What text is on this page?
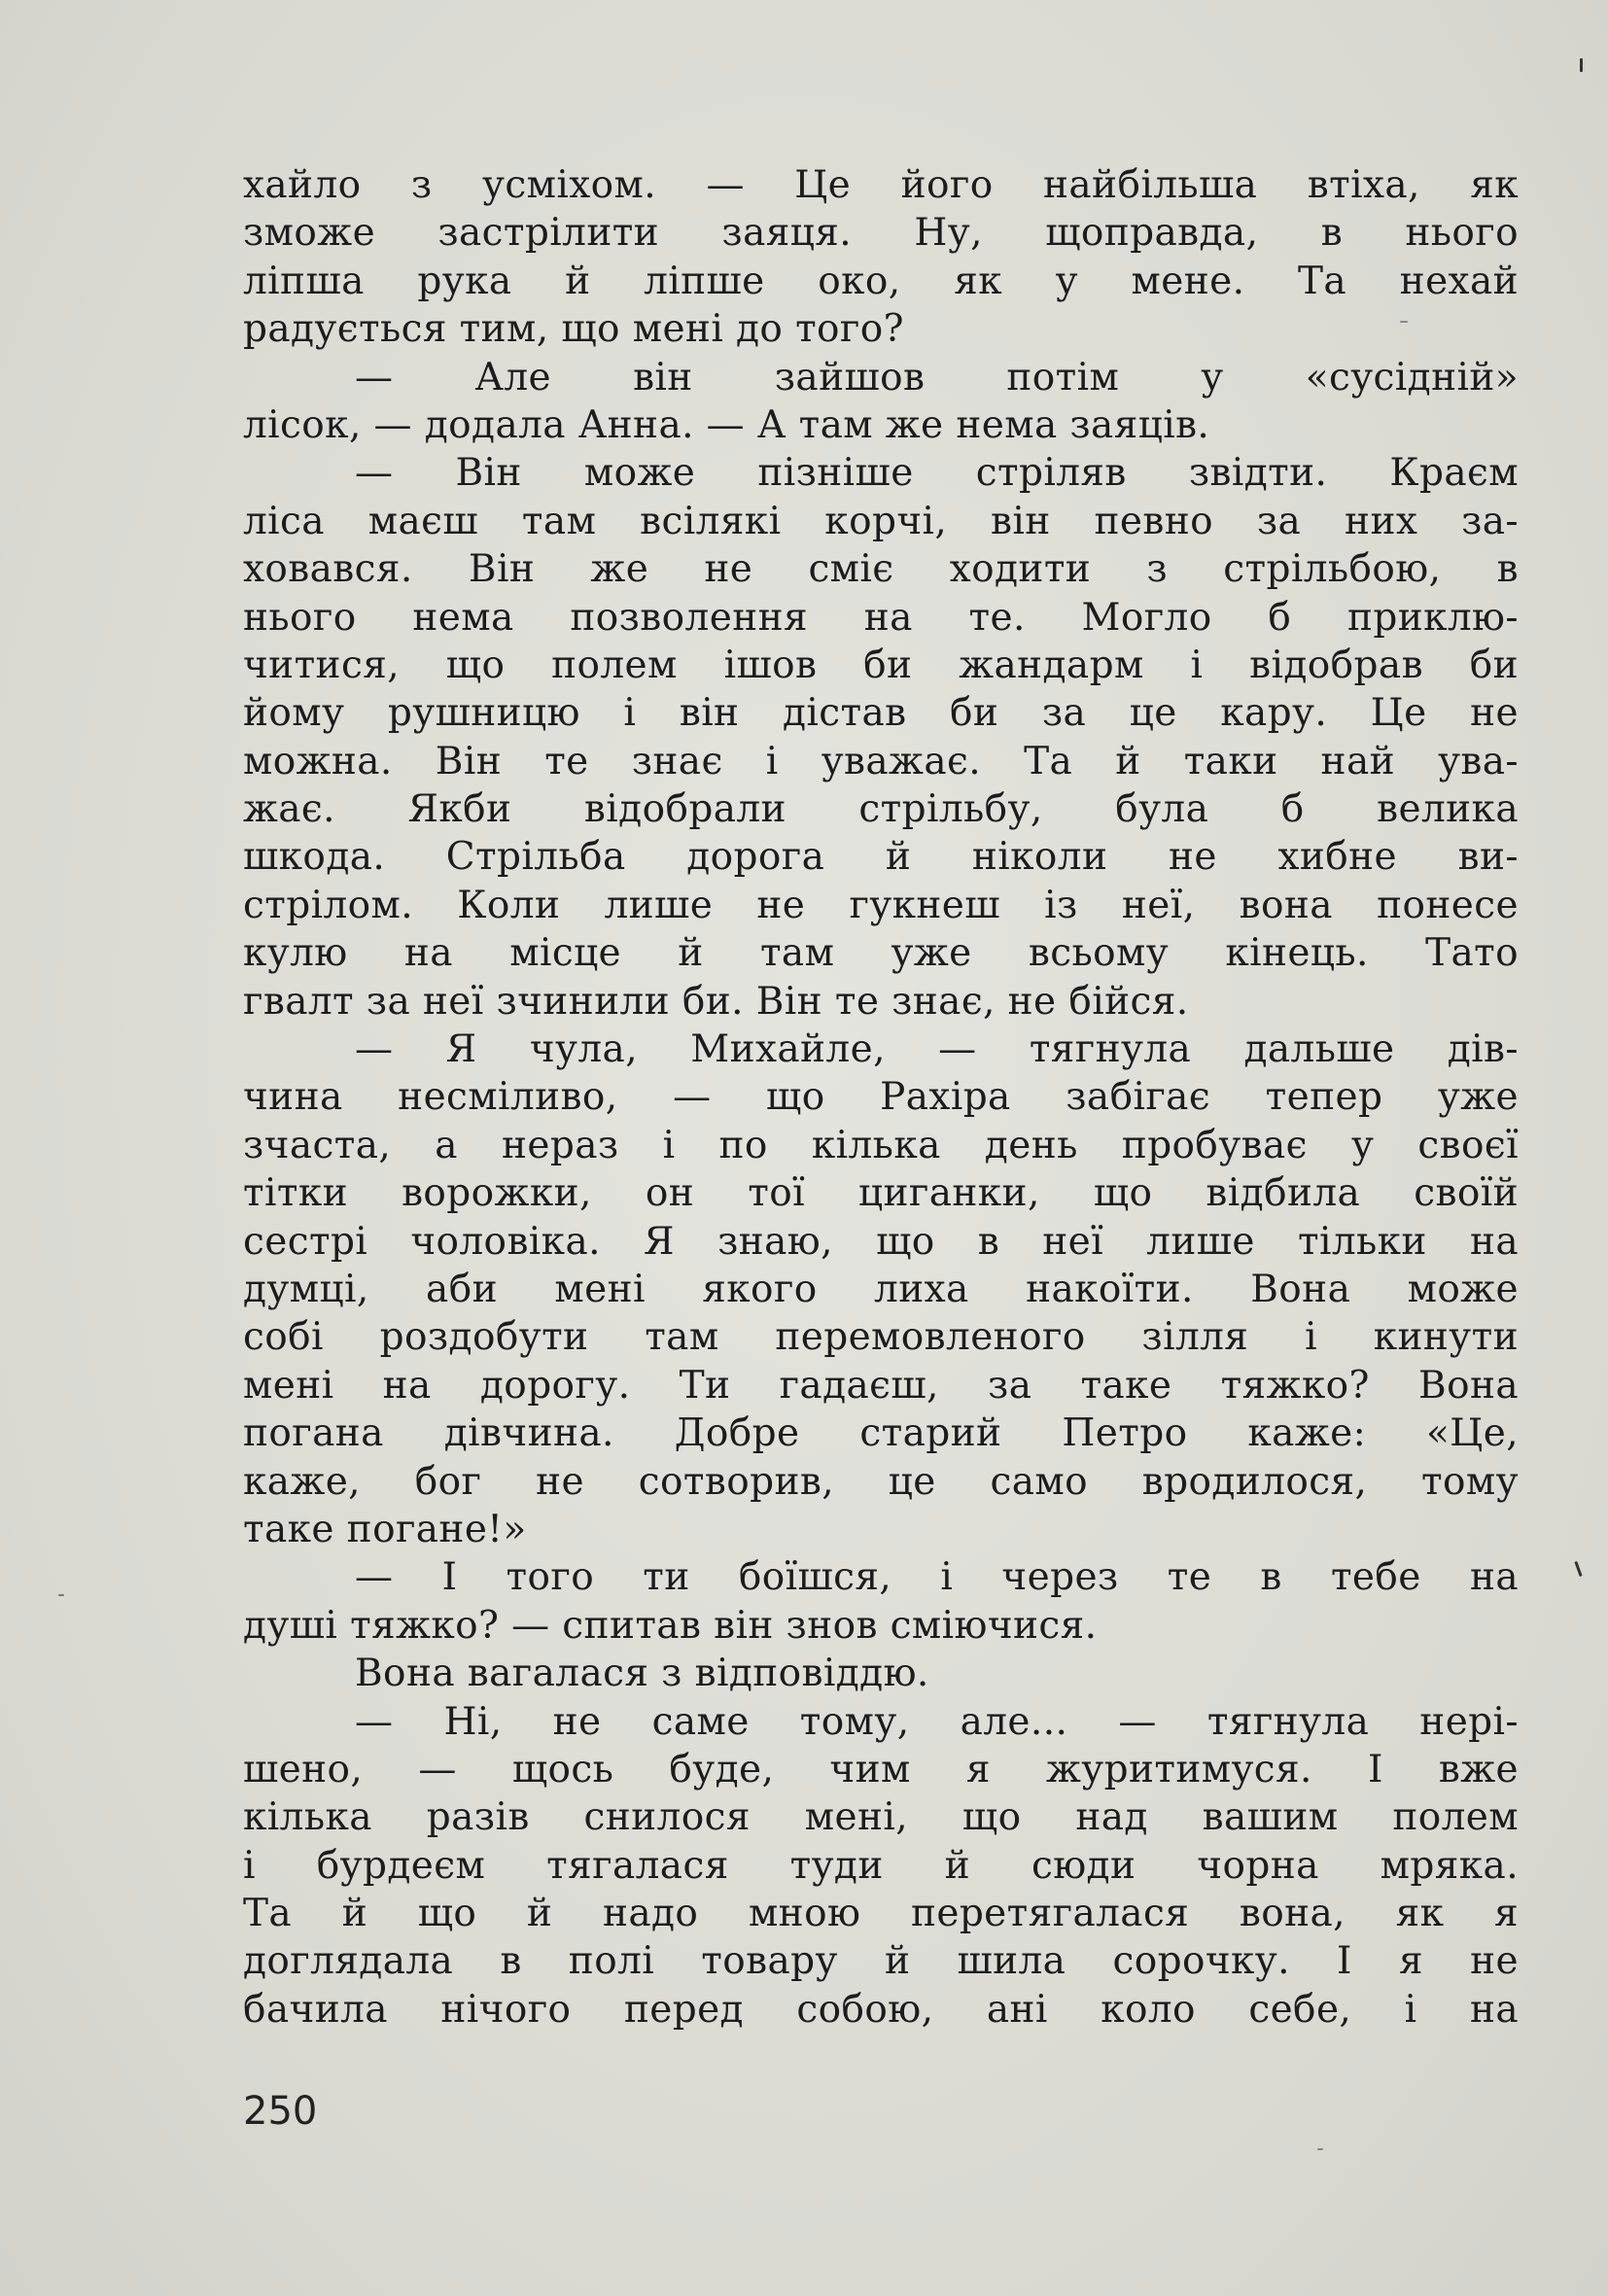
хайло з усміхом. — Це його найбільша втіха, як
зможе застрілити заяця. Ну, щоправда, в нього
ліпша рука й ліпше око, як у мене. Та нехай
радується тим, що мені до того?
— Але він зайшов потім у «сусідній»
лісок, — додала Анна. — А там же нема заяців.
— Він може пізніше стріляв звідти. Краєм
ліса маєш там всілякі корчі, він певно за них за-
ховався. Він же не сміє ходити з стрільбою, в
нього нема позволення на те. Могло б приклю-
читися, що полем ішов би жандарм і відобрав би
йому рушницю і він дістав би за це кару. Це не
можна. Він те знає і уважає. Та й таки най ува-
жає. Якби відобрали стрільбу, була б велика
шкода. Стрільба дорога й ніколи не хибне ви-
стрілом. Коли лише не гукнеш із неї, вона понесе
кулю на місце й там уже всьому кінець. Тато
гвалт за неї зчинили би. Він те знає, не бійся.
— Я чула, Михайле, — тягнула дальше дів-
чина несміливо, — що Рахіра забігає тепер уже
зчаста, а нераз і по кілька день пробуває у своєї
тітки ворожки, он тої циганки, що відбила своїй
сестрі чоловіка. Я знаю, що в неї лише тільки на
думці, аби мені якого лиха накоїти. Вона може
собі роздобути там перемовленого зілля і кинути
мені на дорогу. Ти гадаєш, за таке тяжко? Вона
погана дівчина. Добре старий Петро каже: «Це,
каже, бог не сотворив, це само вродилося, тому
таке погане!»
— І того ти боїшся, і через те в тебе на
душі тяжко? — спитав він знов сміючися.
Вона вагалася з відповіддю.
— Ні, не саме тому, але... — тягнула нері-
шено, — щось буде, чим я журитимуся. І вже
кілька разів снилося мені, що над вашим полем
і бурдеєм тягалася туди й сюди чорна мряка.
Та й що й надо мною перетягалася вона, як я
доглядала в полі товару й шила сорочку. І я не
бачила нічого перед собою, ані коло себе, і на
250
